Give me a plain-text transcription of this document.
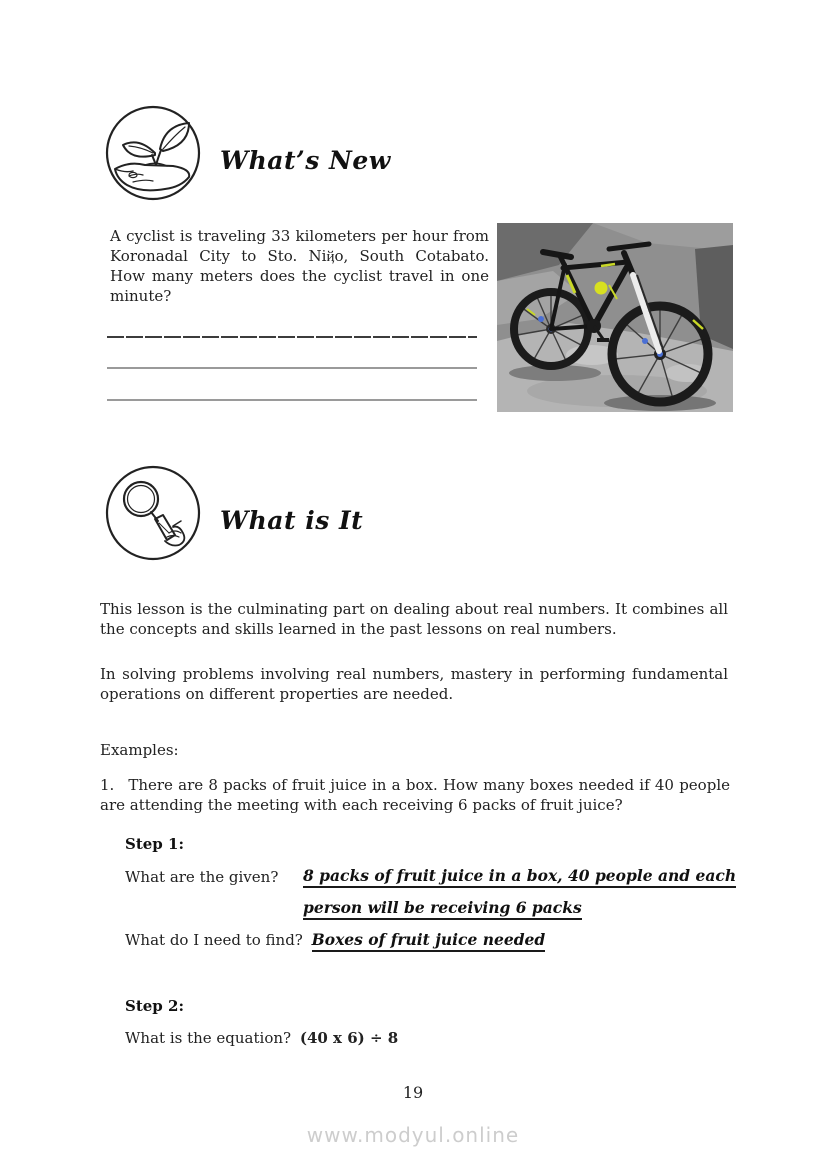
What’s New
A cyclist is traveling 33 kilometers per hour from Koronadal City to Sto. Niҋo, South Cotabato. How many meters does the cyclist travel in one minute?
What is It
This lesson is the culminating part on dealing about real numbers. It combines all the concepts and skills learned in the past lessons on real numbers.
In solving problems involving real numbers, mastery in performing fundamental operations on different properties are needed.
Examples:
1. There are 8 packs of fruit juice in a box. How many boxes needed if 40 people are attending the meeting with each receiving 6 packs of fruit juice?
Step 1:
What are the given? 8 packs of fruit juice in a box, 40 people and each
person will be receiving 6 packs
What do I need to find? Boxes of fruit juice needed
Step 2:
What is the equation? (40 x 6) ÷ 8
19
www.modyul.online
